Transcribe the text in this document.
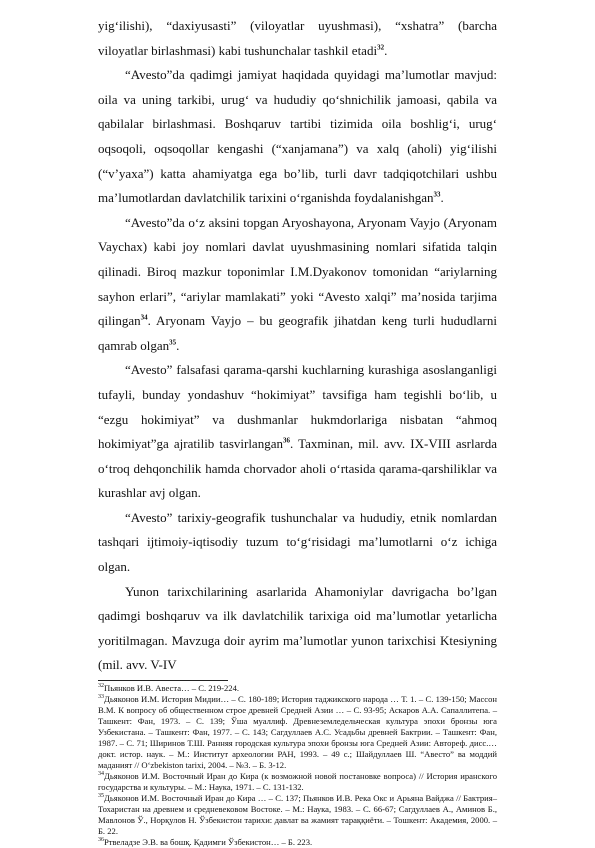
yig‘ilishi), “daxiyusasti” (viloyatlar uyushmasi), “xshatra” (barcha viloyatlar birlashmasi) kabi tushunchalar tashkil etadi$^{32}$.

“Avesto”da qadimgi jamiyat haqidada quyidagi ma’lumotlar mavjud: oila va uning tarkibi, urug‘ va hududiy qo‘shnichilik jamoasi, qabila va qabilalar birlashmasi. Boshqaruv tartibi tizimida oila boshlig‘i, urug‘ oqsoqoli, oqsoqollar kengashi (“xanjamana”) va xalq (aholi) yig‘ilishi (“v’yaxa”) katta ahamiyatga ega bo’lib, turli davr tadqiqotchilari ushbu ma’lumotlardan davlatchilik tarixini o‘rganishda foydalanishgan$^{33}$.

“Avesto”da o‘z aksini topgan Aryoshayona, Aryonam Vayjo (Aryonam Vaychax) kabi joy nomlari davlat uyushmasining nomlari sifatida talqin qilinadi. Biroq mazkur toponimlar I.M.Dyakonov tomonidan “ariylarning sayhon erlari”, “ariylar mamlakati” yoki “Avesto xalqi” ma’nosida tarjima qilingan$^{34}$. Aryonam Vayjo – bu geografik jihatdan keng turli hududlarni qamrab olgan$^{35}$.

“Avesto” falsafasi qarama-qarshi kuchlarning kurashiga asoslanganligi tufayli, bunday yondashuv “hokimiyat” tavsifiga ham tegishli bo‘lib, u “ezgu hokimiyat” va dushmanlar hukmdorlariga nisbatan “ahmoq hokimiyat”ga ajratilib tasvirlangan$^{36}$. Taxminan, mil. avv. IX-VIII asrlarda o‘troq dehqonchilik hamda chorvador aholi o‘rtasida qarama-qarshiliklar va kurashlar avj olgan.

“Avesto” tarixiy-geografik tushunchalar va hududiy, etnik nomlardan tashqari ijtimoiy-iqtisodiy tuzum to‘g‘risidagi ma’lumotlarni o‘z ichiga olgan.

Yunon tarixchilarining asarlarida Ahamoniylar davrigacha bo’lgan qadimgi boshqaruv va ilk davlatchilik tarixiga oid ma’lumotlar yetarlicha yoritilmagan. Mavzuga doir ayrim ma’lumotlar yunon tarixchisi Ktesiyning (mil. avv. V-IV

$^{32}$Пьянков И.В. Авеста… – С. 219-224.

$^{33}$Дьяконов И.М. История Мидии… – С. 180-189; История таджикского народа … Т. 1. – С. 139-150; Массон В.М. К вопросу об общественном строе древней Средней Азии … – С. 93-95; Аскаров А.А. Сапаллитепа. – Ташкент: Фан, 1973. – С. 139; Ўша муаллиф. Древнеземледельческая культура эпохи бронзы юга Узбекистана. – Ташкент: Фан, 1977. – С. 143; Сагдуллаев А.С. Усадьбы древней Бактрии. – Ташкент: Фан, 1987. – С. 71; Ширинов Т.Ш. Ранняя городская культура эпохи бронзы юга Средней Азии: Автореф. дисс.… докт. истор. наук. – М.: Институт археологии РАН, 1993. – 49 с.; Шайдуллаев Ш. “Авесто” ва моддий маданият // O‘zbekiston tarixi, 2004. – №3. – Б. 3-12.

$^{34}$Дьяконов И.М. Восточный Иран до Кира (к возможной новой постановке вопроса) // История иранского государства и культуры. – М.: Наука, 1971. – С. 131-132.

$^{35}$Дьяконов И.М. Восточный Иран до Кира … – С. 137; Пьянков И.В. Река Окс и Арьяна Вайджа // Бактрия–Тохаристан на древнем и средневековом Востоке. – М.: Наука, 1983. – С. 66-67; Сагдуллаев А., Аминов Б., Мавлонов Ў., Норқулов Н. Ўзбекистон тарихи: давлат ва жамият тараққиёти. – Тошкент: Академия, 2000. – Б. 22.

$^{36}$Ртвеладзе Э.В. ва бошқ. Қадимги Ўзбекистон… – Б. 223.
